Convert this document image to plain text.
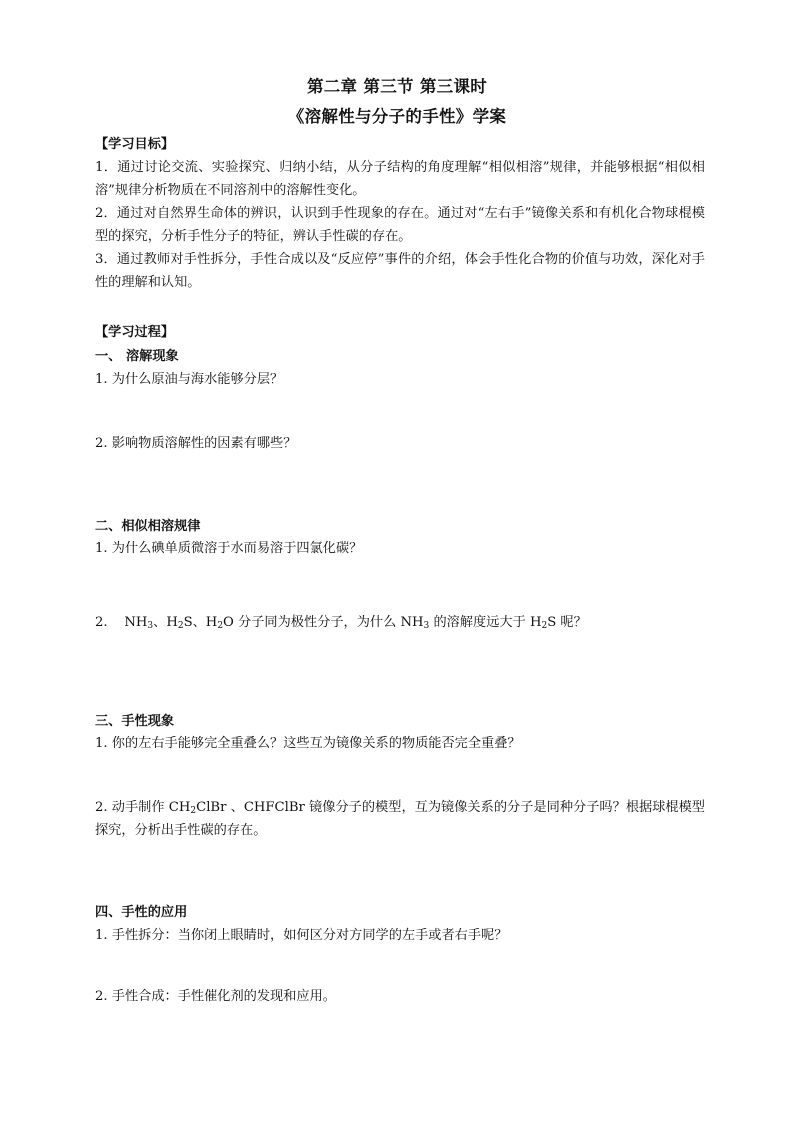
第二章 第三节 第三课时
《溶解性与分子的手性》学案
【学习目标】
1．通过讨论交流、实验探究、归纳小结，从分子结构的角度理解“相似相溶”规律，并能够根据“相似相溶”规律分析物质在不同溶剂中的溶解性变化。
2．通过对自然界生命体的辨识，认识到手性现象的存在。通过对“左右手”镜像关系和有机化合物球棍模型的探究，分析手性分子的特征，辨认手性碳的存在。
3．通过教师对手性拆分，手性合成以及“反应停”事件的介绍，体会手性化合物的价值与功效，深化对手性的理解和认知。
【学习过程】
一、 溶解现象
1. 为什么原油与海水能够分层？
2. 影响物质溶解性的因素有哪些？
二、相似相溶规律
1. 为什么碘单质微溶于水而易溶于四氯化碳？
2.    $NH_3$、$H_2S$、$H_2O$ 分子同为极性分子，为什么 $NH_3$ 的溶解度远大于 $H_2S$ 呢？
三、手性现象
1. 你的左右手能够完全重叠么？这些互为镜像关系的物质能否完全重叠？
2. 动手制作 $CH_2ClBr$ 、CHFClBr 镜像分子的模型，互为镜像关系的分子是同种分子吗？根据球棍模型探究，分析出手性碳的存在。
四、手性的应用
1. 手性拆分：当你闭上眼睛时，如何区分对方同学的左手或者右手呢？
2. 手性合成：手性催化剂的发现和应用。
